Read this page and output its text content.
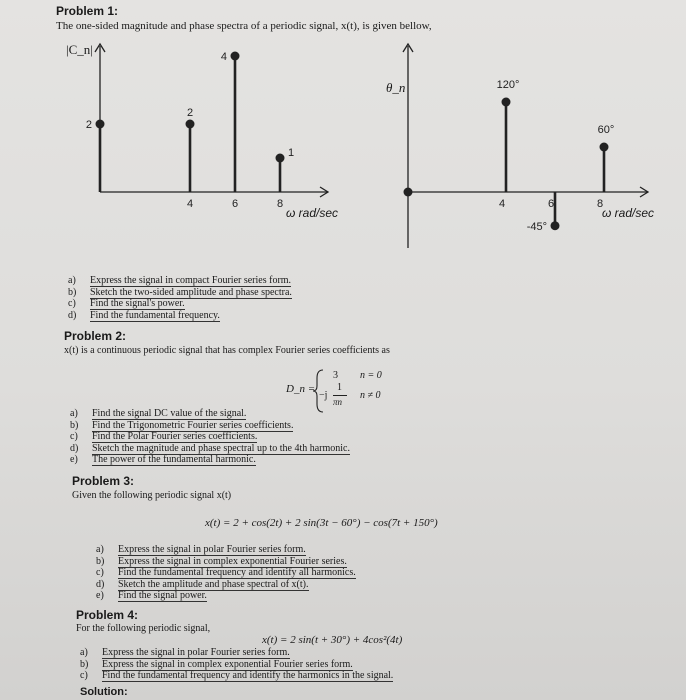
Problem 1:
The one-sided magnitude and phase spectra of a periodic signal, x(t), is given bellow,
2
2
4
1
4	6	8
|C_n|
ω rad/sec
120°
-45°
60°
4	6	8
θ_n
ω rad/sec
a) Express the signal in compact Fourier series form.
b) Sketch the two-sided amplitude and phase spectra.
c) Find the signal's power.
d) Find the fundamental frequency.
Problem 2:
x(t) is a continuous periodic signal that has complex Fourier series coefficients as
D_n =
3 n = 0
−j
1
πn
n ≠ 0
a) Find the signal DC value of the signal.
b) Find the Trigonometric Fourier series coefficients.
c) Find the Polar Fourier series coefficients.
d) Sketch the magnitude and phase spectral up to the 4th harmonic.
e) The power of the fundamental harmonic.
Problem 3:
Given the following periodic signal x(t)
x(t) = 2 + cos(2t) + 2 sin(3t − 60°) − cos(7t + 150°)
a) Express the signal in polar Fourier series form.
b) Express the signal in complex exponential Fourier series.
c) Find the fundamental frequency and identify all harmonics.
d) Sketch the amplitude and phase spectral of x(t).
e) Find the signal power.
Problem 4:
For the following periodic signal,
x(t) = 2 sin(t + 30°) + 4cos²(4t)
a) Express the signal in polar Fourier series form.
b) Express the signal in complex exponential Fourier series form.
c) Find the fundamental frequency and identify the harmonics in the signal.
Solution:
